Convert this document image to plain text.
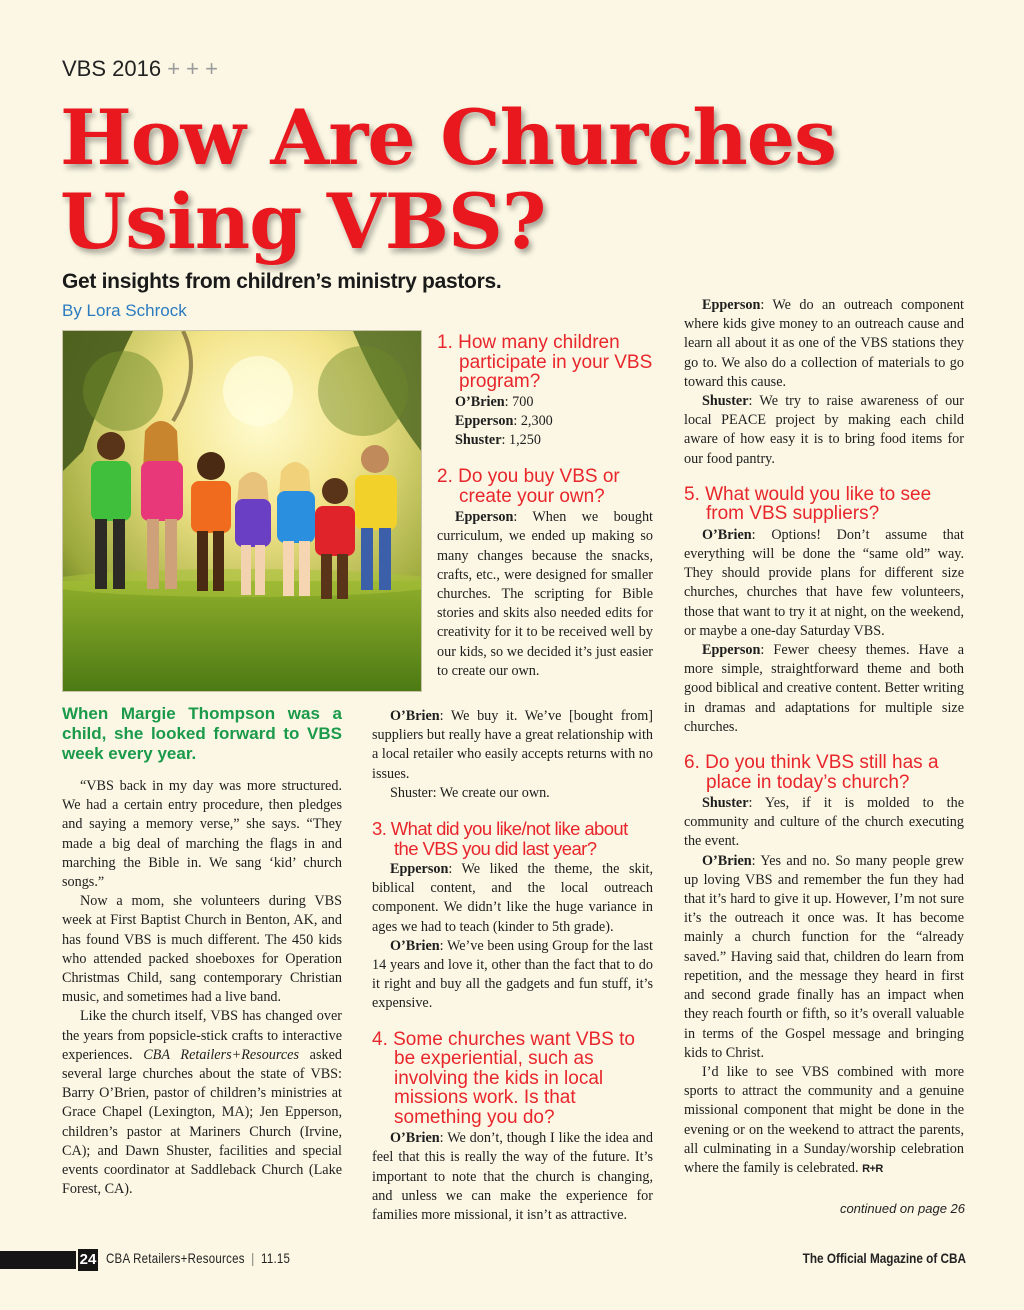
VBS 2016 + + +
How Are Churches
Using VBS?
Get insights from children’s ministry pastors.
By Lora Schrock
When Margie Thompson was a child, she looked forward to VBS week every year.

“VBS back in my day was more structured. We had a certain entry procedure, then pledges and saying a memory verse,” she says. “They made a big deal of marching the flags in and marching the Bible in. We sang ‘kid’ church songs.”

Now a mom, she volunteers during VBS week at First Baptist Church in Benton, AK, and has found VBS is much different. The 450 kids who attended packed shoeboxes for Operation Christmas Child, sang contemporary Christian music, and sometimes had a live band.

Like the church itself, VBS has changed over the years from popsicle-stick crafts to interactive experiences. CBA Retailers+Resources asked several large churches about the state of VBS: Barry O’Brien, pastor of children’s ministries at Grace Chapel (Lexington, MA); Jen Epperson, children’s pastor at Mariners Church (Irvine, CA); and Dawn Shuster, facilities and special events coordinator at Saddleback Church (Lake Forest, CA).

1. How many children participate in your VBS program?

O’Brien: 700
Epperson: 2,300
Shuster: 1,250

2. Do you buy VBS or create your own?

Epperson: When we bought curriculum, we ended up making so many changes because the snacks, crafts, etc., were designed for smaller churches. The scripting for Bible stories and skits also needed edits for creativity for it to be received well by our kids, so we decided it’s just easier to create our own.

O’Brien: We buy it. We’ve [bought from] suppliers but really have a great relationship with a local retailer who easily accepts returns with no issues.

Shuster: We create our own.

3. What did you like/not like about the VBS you did last year?

Epperson: We liked the theme, the skit, biblical content, and the local outreach component. We didn’t like the huge variance in ages we had to teach (kinder to 5th grade).

O’Brien: We’ve been using Group for the last 14 years and love it, other than the fact that to do it right and buy all the gadgets and fun stuff, it’s expensive.

4. Some churches want VBS to be experiential, such as involving the kids in local missions work. Is that something you do?

O’Brien: We don’t, though I like the idea and feel that this is really the way of the future. It’s important to note that the church is changing, and unless we can make the experience for families more missional, it isn’t as attractive.

Epperson: We do an outreach component where kids give money to an outreach cause and learn all about it as one of the VBS stations they go to. We also do a collection of materials to go toward this cause.

Shuster: We try to raise awareness of our local PEACE project by making each child aware of how easy it is to bring food items for our food pantry.

5. What would you like to see from VBS suppliers?

O’Brien: Options! Don’t assume that everything will be done the “same old” way. They should provide plans for different size churches, churches that have few volunteers, those that want to try it at night, on the weekend, or maybe a one-day Saturday VBS.

Epperson: Fewer cheesy themes. Have a more simple, straightforward theme and both good biblical and creative content. Better writing in dramas and adaptations for multiple size churches.

6. Do you think VBS still has a place in today’s church?

Shuster: Yes, if it is molded to the community and culture of the church executing the event.

O’Brien: Yes and no. So many people grew up loving VBS and remember the fun they had that it’s hard to give it up. However, I’m not sure it’s the outreach it once was. It has become mainly a church function for the “already saved.” Having said that, children do learn from repetition, and the message they heard in first and second grade finally has an impact when they reach fourth or fifth, so it’s overall valuable in terms of the Gospel message and bringing kids to Christ.

I’d like to see VBS combined with more sports to attract the community and a genuine missional component that might be done in the evening or on the weekend to attract the parents, all culminating in a Sunday/worship celebration where the family is celebrated. R+R

continued on page 26
24 CBA Retailers+Resources | 11.15	The Official Magazine of CBA
